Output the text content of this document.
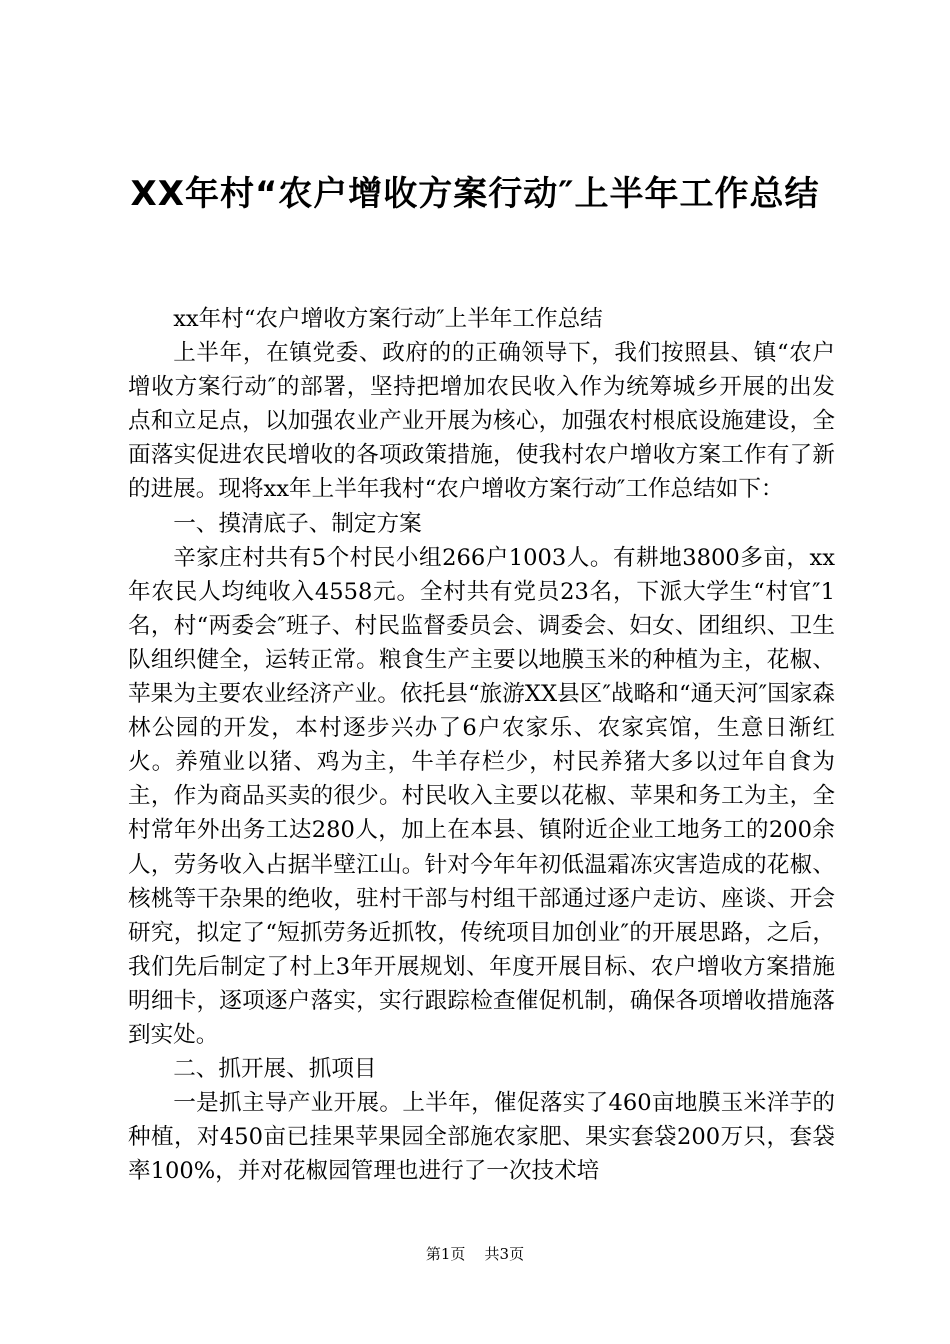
XX年村“农户增收方案行动″上半年工作总结

xx年村“农户增收方案行动″上半年工作总结

上半年，在镇党委、政府的的正确领导下，我们按照县、镇“农户增收方案行动″的部署，坚持把增加农民收入作为统筹城乡开展的出发点和立足点，以加强农业产业开展为核心，加强农村根底设施建设，全面落实促进农民增收的各项政策措施，使我村农户增收方案工作有了新的进展。现将xx年上半年我村“农户增收方案行动″工作总结如下：

一、摸清底子、制定方案

辛家庄村共有5个村民小组266户1003人。有耕地3800多亩，xx年农民人均纯收入4558元。全村共有党员23名，下派大学生“村官″1名，村“两委会″班子、村民监督委员会、调委会、妇女、团组织、卫生队组织健全，运转正常。粮食生产主要以地膜玉米的种植为主，花椒、苹果为主要农业经济产业。依托县“旅游XX县区″战略和“通天河″国家森林公园的开发，本村逐步兴办了6户农家乐、农家宾馆，生意日渐红火。养殖业以猪、鸡为主，牛羊存栏少，村民养猪大多以过年自食为主，作为商品买卖的很少。村民收入主要以花椒、苹果和务工为主，全村常年外出务工达280人，加上在本县、镇附近企业工地务工的200余人，劳务收入占据半壁江山。针对今年年初低温霜冻灾害造成的花椒、核桃等干杂果的绝收，驻村干部与村组干部通过逐户走访、座谈、开会研究，拟定了“短抓劳务近抓牧，传统项目加创业″的开展思路，之后，我们先后制定了村上3年开展规划、年度开展目标、农户增收方案措施明细卡，逐项逐户落实，实行跟踪检查催促机制，确保各项增收措施落到实处。

二、抓开展、抓项目

一是抓主导产业开展。上半年，催促落实了460亩地膜玉米洋芋的种植，对450亩已挂果苹果园全部施农家肥、果实套袋200万只，套袋率100%，并对花椒园管理也进行了一次技术培

第1页 共3页
